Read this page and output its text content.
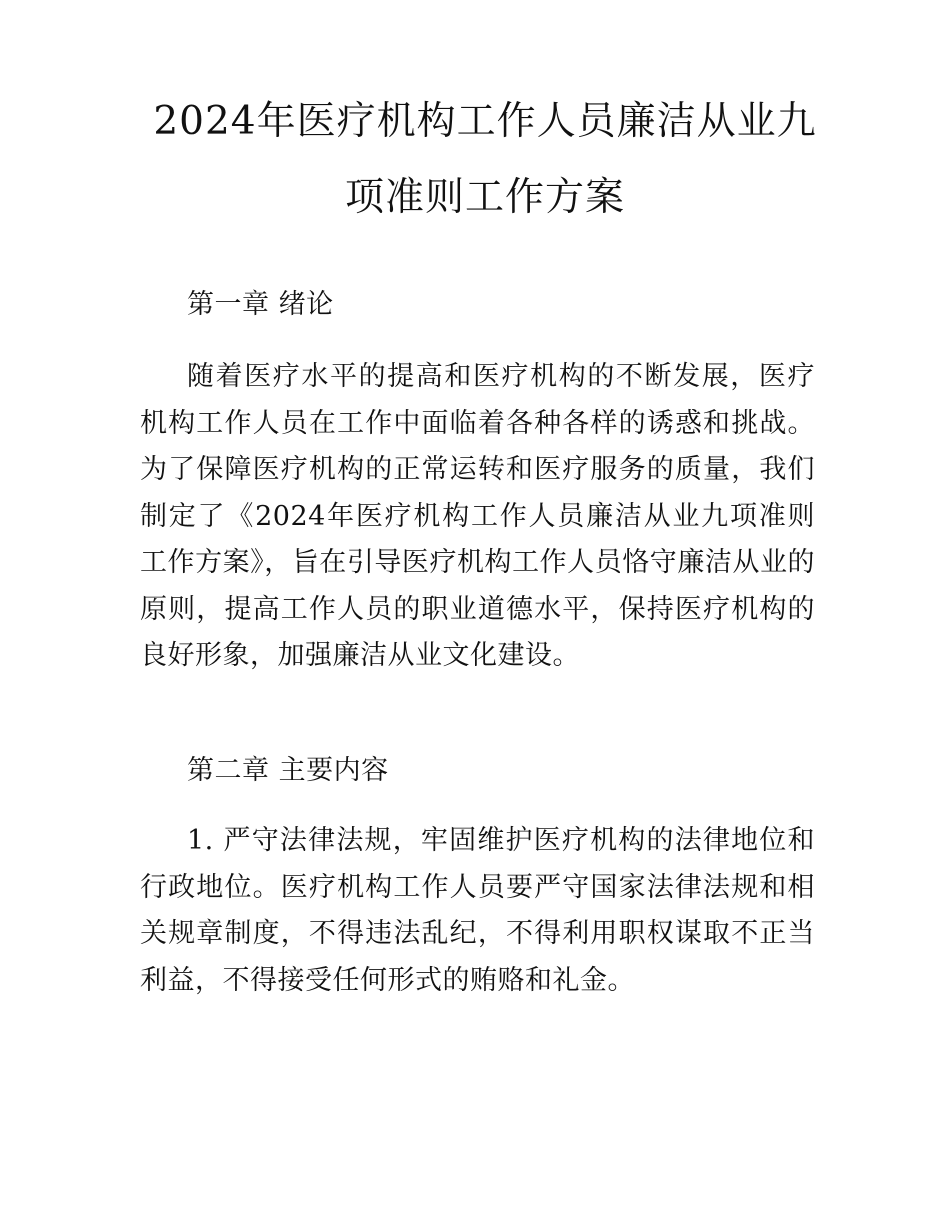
2024年医疗机构工作人员廉洁从业九项准则工作方案

第一章 绪论

随着医疗水平的提高和医疗机构的不断发展，医疗机构工作人员在工作中面临着各种各样的诱惑和挑战。为了保障医疗机构的正常运转和医疗服务的质量，我们制定了《2024年医疗机构工作人员廉洁从业九项准则工作方案》，旨在引导医疗机构工作人员恪守廉洁从业的原则，提高工作人员的职业道德水平，保持医疗机构的良好形象，加强廉洁从业文化建设。

第二章 主要内容

1. 严守法律法规，牢固维护医疗机构的法律地位和行政地位。医疗机构工作人员要严守国家法律法规和相关规章制度，不得违法乱纪，不得利用职权谋取不正当利益，不得接受任何形式的贿赂和礼金。
